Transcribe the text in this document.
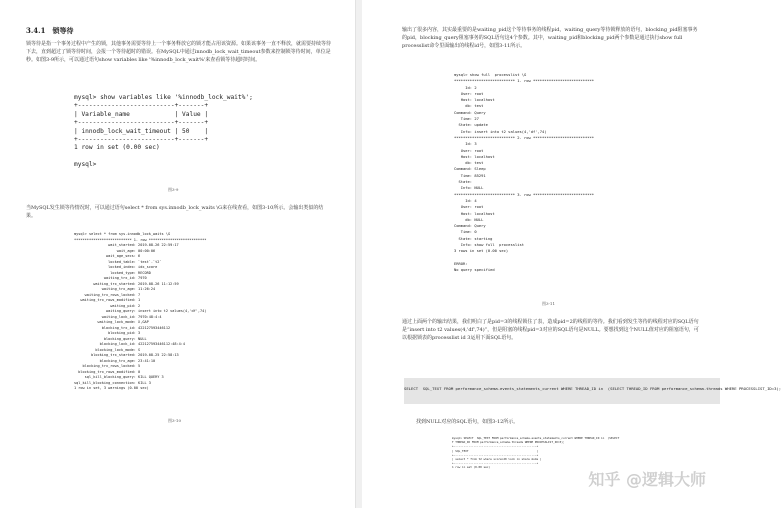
3.4.1　锁等待
锁等待是指一个事务过程中产生的锁，其他事务需要等待上一个事务释放它的锁才能占用该资源。如果该事务一直不释放，就需要持续等待下去，直到超过了锁等待时间，会报一个等待超时的错误。在MySQL中通过innodb_lock_wait_timeout参数来控制锁等待时间，单位是秒。如图3-9所示，可以通过语句show variables like '%innodb_lock_wait%'来查看锁等待超时时间。
mysql> show variables like '%innodb_lock_wait%';
+--------------------------+-------+
| Variable_name            | Value |
+--------------------------+-------+
| innodb_lock_wait_timeout | 50    |
+--------------------------+-------+
1 row in set (0.00 sec)

mysql>
图3-9
当MySQL发生锁等待情况时，可以通过语句select * from sys.innodb_lock_waits \G来在线查看，如图3-10所示。会输出类似的结果。
mysql> select * from sys.innodb_lock_waits \G
*************************** 1. row ***************************
wait_started: 2019-08-26 22:59:17
wait_age: 00:00:06
wait_age_secs: 6
locked_table: `test`.`t2`
locked_index: idx_score
locked_type: RECORD
waiting_trx_id: 7970
waiting_trx_started: 2019-08-26 11:12:59
waiting_trx_age: 11:26:24
waiting_trx_rows_locked: 7
waiting_trx_rows_modified: 1
waiting_pid: 2
waiting_query: insert into t2 values(4,'df',74)
waiting_lock_id: 7970:48:4:4
waiting_lock_mode: X,GAP
blocking_trx_id: 422127593446112
blocking_pid: 3
blocking_query: NULL
blocking_lock_id: 422127593446112:48:4:4
blocking_lock_mode: S
blocking_trx_started: 2019-08-25 22:58:13
blocking_trx_age: 23:41:10
blocking_trx_rows_locked: 5
blocking_trx_rows_modified: 0
sql_kill_blocking_query: KILL QUERY 3
sql_kill_blocking_connection: KILL 3
1 row in set, 3 warnings (0.00 sec)
图3-10
输出了很多内容，其实最重要的是waiting_pid这个等待事务的线程pid，waiting_query等待锁释放的语句，blocking_pid阻塞事务的pid，blocking_query阻塞事务的SQL语句这4个参数。其中，waiting_pid和blocking_pid两个参数是通过执行show full processlist命令里面输出的线程id号，如图3-11所示。
mysql> show full  processlist \G
*************************** 1. row ***************************
Id: 2
User: root
Host: localhost
db: test
Command: Query
Time: 27
State: update
Info: insert into t2 values(4,'df',74)
*************************** 2. row ***************************
Id: 3
User: root
Host: localhost
db: test
Command: Sleep
Time: 85291
State:
Info: NULL
*************************** 3. row ***************************
Id: 4
User: root
Host: localhost
db: NULL
Command: Query
Time: 0
State: starting
Info: show full  processlist
3 rows in set (0.00 sec)

ERROR:
No query specified
图3-11
通过上面两个的输出结果，我们明白了是pid=3的线程锁住了表，造成pid=2的线程的等待。我们看到发生等待的线程对应的SQL语句是“insert into t2 values(4,'df',74)”，但是阻塞的线程pid=3对应的SQL语句是NULL。要想找到这个NULL值对应的阻塞语句，可以根据锁表的processlist id 3运用下面SQL语句。
SELECT  SQL_TEXT FROM performance_schema.events_statements_current WHERE THREAD_ID in  (SELECT THREAD_ID FROM performance_schema.threads WHERE PROCESSLIST_ID=3);
找到NULL对应的SQL语句，如图3-12所示。
mysql> SELECT  SQL_TEXT FROM performance_schema.events_statements_current WHERE THREAD_ID in  (SELECT
T THREAD_ID FROM performance_schema.threads WHERE PROCESSLIST_ID=3);
+--------------------------------------------------+
| SQL_TEXT                                         |
+--------------------------------------------------+
| select * from t2 where score>20 lock in share mode |
+--------------------------------------------------+
1 row in set (0.00 sec)
知乎 @逻辑大师
